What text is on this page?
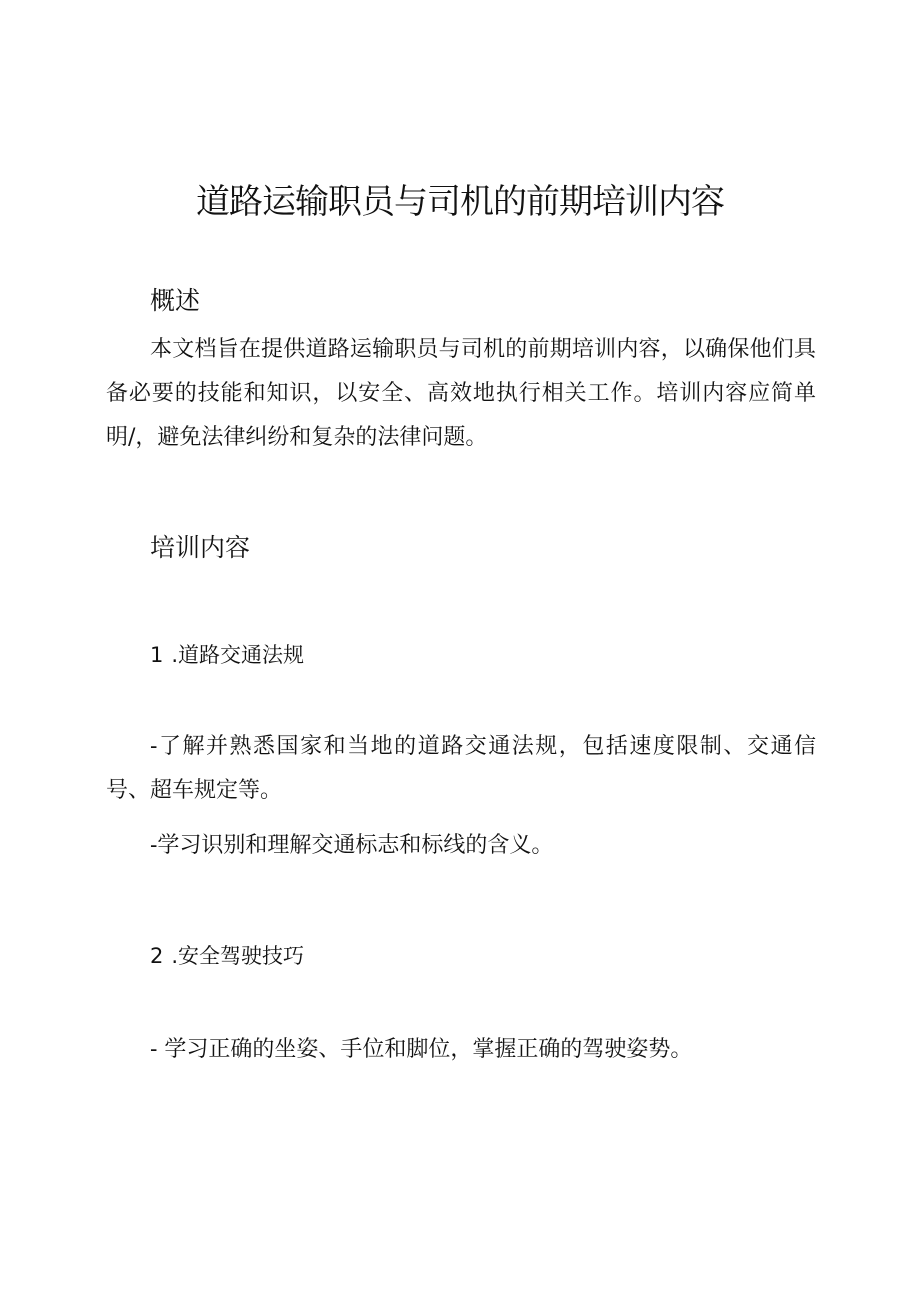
道路运输职员与司机的前期培训内容
概述

本文档旨在提供道路运输职员与司机的前期培训内容，以确保他们具备必要的技能和知识，以安全、高效地执行相关工作。培训内容应简单明/，避免法律纠纷和复杂的法律问题。

培训内容
1 .道路交通法规

-了解并熟悉国家和当地的道路交通法规，包括速度限制、交通信号、超车规定等。

-学习识别和理解交通标志和标线的含义。

2 .安全驾驶技巧

- 学习正确的坐姿、手位和脚位，掌握正确的驾驶姿势。
